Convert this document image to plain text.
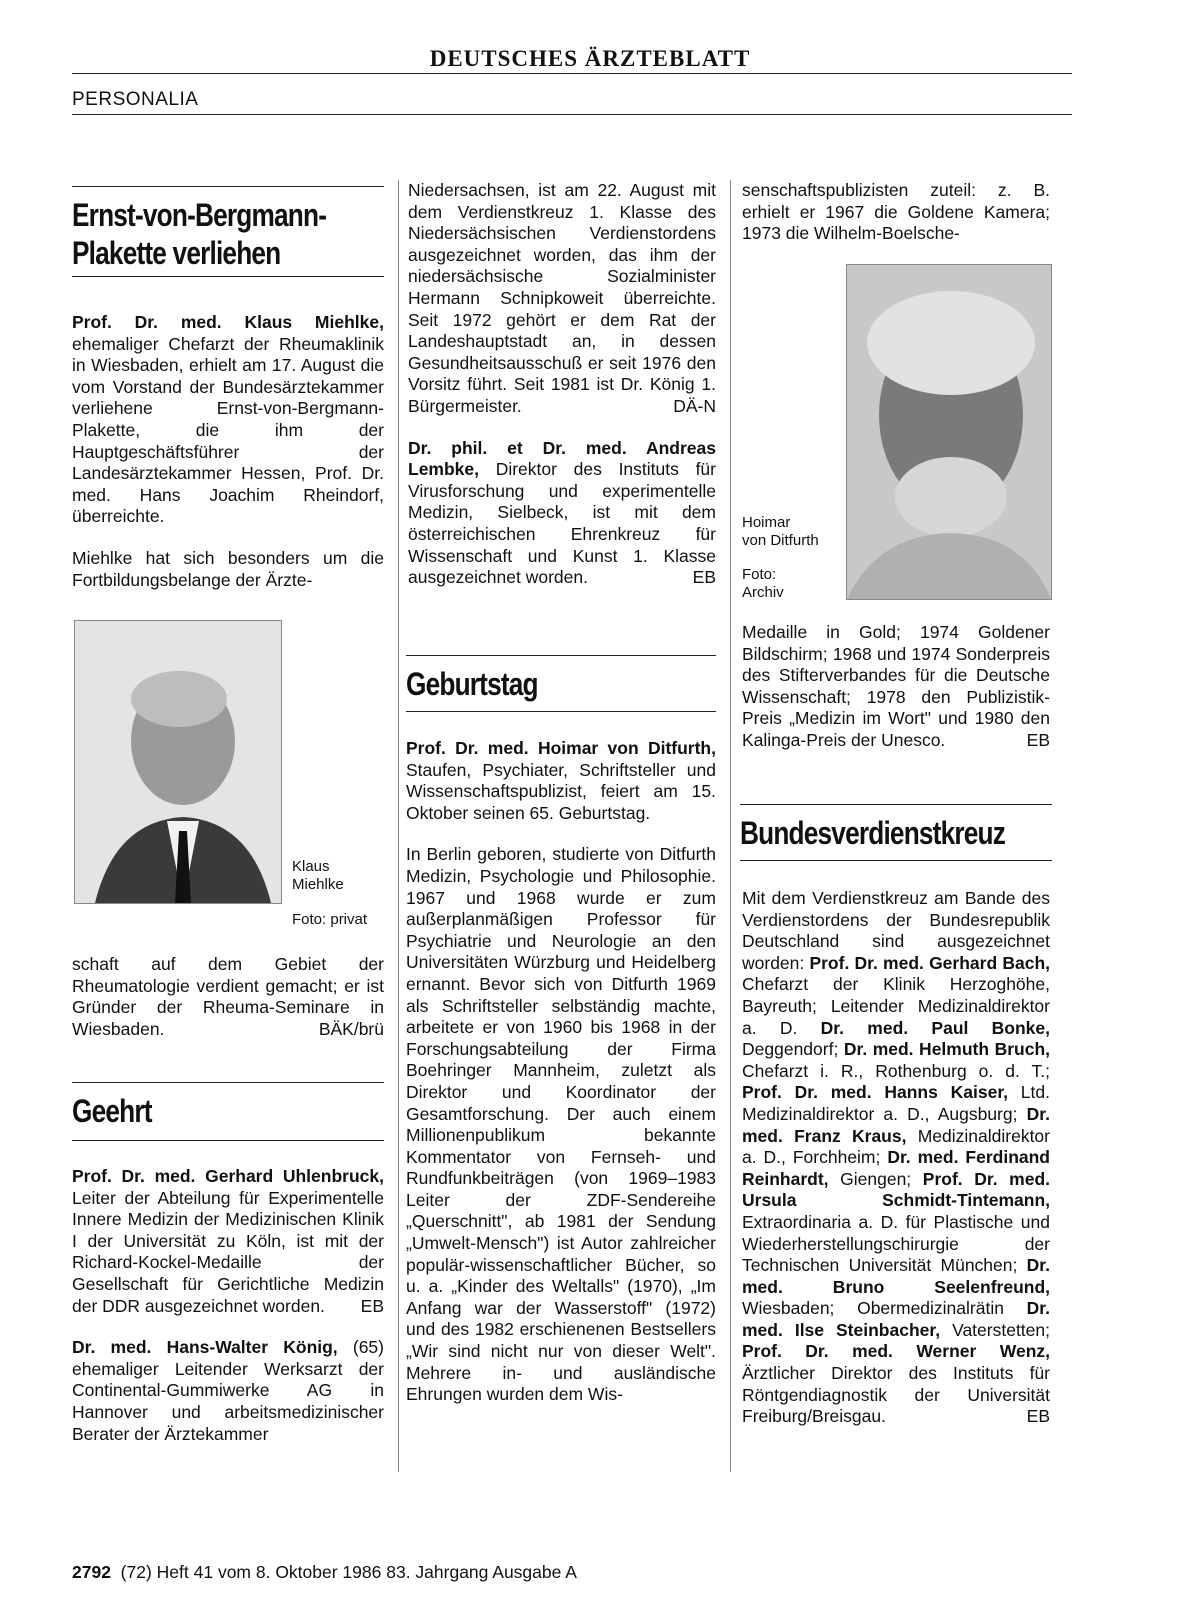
DEUTSCHES ÄRZTEBLATT
PERSONALIA
Ernst-von-Bergmann-
Plakette verliehen

Prof. Dr. med. Klaus Miehlke, ehemaliger Chefarzt der Rheumaklinik in Wiesbaden, erhielt am 17. August die vom Vorstand der Bundesärztekammer verliehene Ernst-von-Bergmann-Plakette, die ihm der Hauptgeschäftsführer der Landesärztekammer Hessen, Prof. Dr. med. Hans Joachim Rheindorf, überreichte.

Miehlke hat sich besonders um die Fortbildungsbelange der Ärzte-

Klaus
Miehlke
Foto: privat

schaft auf dem Gebiet der Rheumatologie verdient gemacht; er ist Gründer der Rheuma-Seminare in Wiesbaden.	BÄK/brü

Geehrt

Prof. Dr. med. Gerhard Uhlenbruck, Leiter der Abteilung für Experimentelle Innere Medizin der Medizinischen Klinik I der Universität zu Köln, ist mit der Richard-Kockel-Medaille der Gesellschaft für Gerichtliche Medizin der DDR ausgezeichnet worden. EB

Dr. med. Hans-Walter König, (65) ehemaliger Leitender Werksarzt der Continental-Gummiwerke AG in Hannover und arbeitsmedizinischer Berater der Ärztekammer

Niedersachsen, ist am 22. August mit dem Verdienstkreuz 1. Klasse des Niedersächsischen Verdienstordens ausgezeichnet worden, das ihm der niedersächsische Sozialminister Hermann Schnipkoweit überreichte. Seit 1972 gehört er dem Rat der Landeshauptstadt an, in dessen Gesundheitsausschuß er seit 1976 den Vorsitz führt. Seit 1981 ist Dr. König 1. Bürgermeister.	DÄ-N

Dr. phil. et Dr. med. Andreas Lembke, Direktor des Instituts für Virusforschung und experimentelle Medizin, Sielbeck, ist mit dem österreichischen Ehrenkreuz für Wissenschaft und Kunst 1. Klasse ausgezeichnet worden.	EB

Geburtstag

Prof. Dr. med. Hoimar von Ditfurth, Staufen, Psychiater, Schriftsteller und Wissenschaftspublizist, feiert am 15. Oktober seinen 65. Geburtstag.

In Berlin geboren, studierte von Ditfurth Medizin, Psychologie und Philosophie. 1967 und 1968 wurde er zum außerplanmäßigen Professor für Psychiatrie und Neurologie an den Universitäten Würzburg und Heidelberg ernannt. Bevor sich von Ditfurth 1969 als Schriftsteller selbständig machte, arbeitete er von 1960 bis 1968 in der Forschungsabteilung der Firma Boehringer Mannheim, zuletzt als Direktor und Koordinator der Gesamtforschung. Der auch einem Millionenpublikum bekannte Kommentator von Fernseh- und Rundfunkbeiträgen (von 1969–1983 Leiter der ZDF-Sendereihe „Querschnitt", ab 1981 der Sendung „Umwelt-Mensch") ist Autor zahlreicher populär-wissenschaftlicher Bücher, so u. a. „Kinder des Weltalls" (1970), „Im Anfang war der Wasserstoff" (1972) und des 1982 erschienenen Bestsellers „Wir sind nicht nur von dieser Welt". Mehrere in- und ausländische Ehrungen wurden dem Wis-

senschaftspublizisten zuteil: z. B. erhielt er 1967 die Goldene Kamera; 1973 die Wilhelm-Boelsche-

Hoimar
von Ditfurth
Foto:
Archiv

Medaille in Gold; 1974 Goldener Bildschirm; 1968 und 1974 Sonderpreis des Stifterverbandes für die Deutsche Wissenschaft; 1978 den Publizistik-Preis „Medizin im Wort" und 1980 den Kalinga-Preis der Unesco.	EB

Bundesverdienstkreuz

Mit dem Verdienstkreuz am Bande des Verdienstordens der Bundesrepublik Deutschland sind ausgezeichnet worden: Prof. Dr. med. Gerhard Bach, Chefarzt der Klinik Herzoghöhe, Bayreuth; Leitender Medizinaldirektor a. D. Dr. med. Paul Bonke, Deggendorf; Dr. med. Helmuth Bruch, Chefarzt i. R., Rothenburg o. d. T.; Prof. Dr. med. Hanns Kaiser, Ltd. Medizinaldirektor a. D., Augsburg; Dr. med. Franz Kraus, Medizinaldirektor a. D., Forchheim; Dr. med. Ferdinand Reinhardt, Giengen; Prof. Dr. med. Ursula Schmidt-Tintemann, Extraordinaria a. D. für Plastische und Wiederherstellungschirurgie der Technischen Universität München; Dr. med. Bruno Seelenfreund, Wiesbaden; Obermedizinalrätin Dr. med. Ilse Steinbacher, Vaterstetten; Prof. Dr. med. Werner Wenz, Ärztlicher Direktor des Instituts für Röntgendiagnostik der Universität Freiburg/Breisgau.	EB

2792 (72) Heft 41 vom 8. Oktober 1986 83. Jahrgang Ausgabe A
